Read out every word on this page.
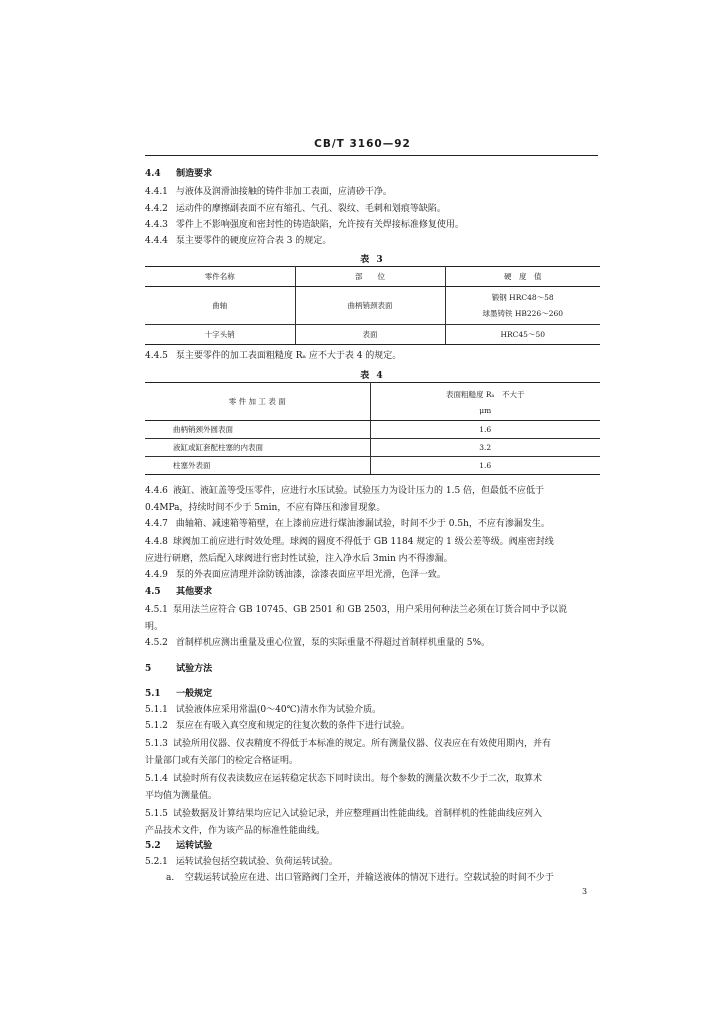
CB/T 3160—92
4.4 制造要求
4.4.1 与液体及润滑油接触的铸件非加工表面，应清砂干净。
4.4.2 运动件的摩擦副表面不应有缩孔、气孔、裂纹、毛刺和划痕等缺陷。
4.4.3 零件上不影响强度和密封性的铸造缺陷，允许按有关焊接标准修复使用。
4.4.4 泵主要零件的硬度应符合表 3 的规定。
表 3
零件名称	部　　位	硬　度　值
曲轴	曲柄销颈表面	锻钢 HRC48～58
球墨铸铁 HB226～260

十字头销	表面	HRC45～50
4.4.5 泵主要零件的加工表面粗糙度 Rₐ 应不大于表 4 的规定。
表 4
零 件 加 工 表 面	表面粗糙度 Rₐ　不大于
μm

曲柄销颈外圆表面	1.6
液缸或缸套配柱塞的内表面	3.2
柱塞外表面	1.6
4.4.6 液缸、液缸盖等受压零件，应进行水压试验。试验压力为设计压力的 1.5 倍，但最低不应低于
0.4MPa，持续时间不少于 5min，不应有降压和渗冒现象。
4.4.7 曲轴箱、减速箱等箱壁，在上漆前应进行煤油渗漏试验，时间不少于 0.5h，不应有渗漏发生。
4.4.8 球阀加工前应进行时效处理。球阀的圆度不得低于 GB 1184 规定的 1 级公差等级。阀座密封线
应进行研磨，然后配入球阀进行密封性试验，注入净水后 3min 内不得渗漏。
4.4.9 泵的外表面应清理并涂防锈油漆，涂漆表面应平坦光滑，色泽一致。
4.5 其他要求
4.5.1 泵用法兰应符合 GB 10745、GB 2501 和 GB 2503，用户采用何种法兰必须在订货合同中予以说
明。
4.5.2 首制样机应测出重量及重心位置，泵的实际重量不得超过首制样机重量的 5%。
5	试验方法
5.1 一般规定
5.1.1 试验液体应采用常温(0～40℃)清水作为试验介质。
5.1.2 泵应在有吸入真空度和规定的往复次数的条件下进行试验。
5.1.3 试验所用仪器、仪表精度不得低于本标准的规定。所有测量仪器、仪表应在有效使用期内，并有
计量部门或有关部门的检定合格证明。
5.1.4 试验时所有仪表读数应在运转稳定状态下同时读出。每个参数的测量次数不少于二次，取算术
平均值为测量值。
5.1.5 试验数据及计算结果均应记入试验记录，并应整理画出性能曲线。首制样机的性能曲线应列入
产品技术文件，作为该产品的标准性能曲线。
5.2 运转试验
5.2.1 运转试验包括空载试验、负荷运转试验。
a. 空载运转试验应在进、出口管路阀门全开，并输送液体的情况下进行。空载试验的时间不少于
3
